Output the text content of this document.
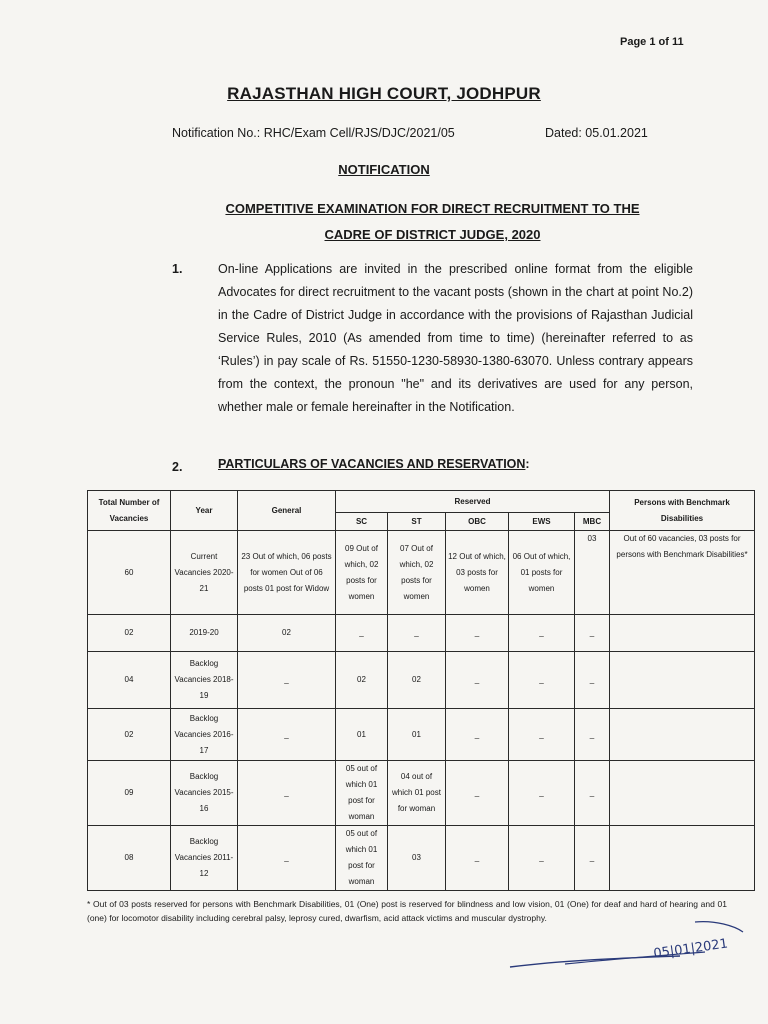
Page 1 of 11
RAJASTHAN HIGH COURT, JODHPUR
Notification No.: RHC/Exam Cell/RJS/DJC/2021/05	Dated: 05.01.2021
NOTIFICATION
COMPETITIVE EXAMINATION FOR DIRECT RECRUITMENT TO THE
CADRE OF DISTRICT JUDGE, 2020
1.	On-line Applications are invited in the prescribed online format from the eligible Advocates for direct recruitment to the vacant posts (shown in the chart at point No.2) in the Cadre of District Judge in accordance with the provisions of Rajasthan Judicial Service Rules, 2010 (As amended from time to time) (hereinafter referred to as ‘Rules’) in pay scale of Rs. 51550-1230-58930-1380-63070. Unless contrary appears from the context, the pronoun "he" and its derivatives are used for any person, whether male or female hereinafter in the Notification.
2.	PARTICULARS OF VACANCIES AND RESERVATION:
Total Number of Vacancies	Year	General	Reserved					Persons with Benchmark Disabilities
			SC	ST	OBC	EWS	MBC	
60	Current Vacancies 2020-21	23 Out of which, 06 posts for women Out of 06 posts 01 post for Widow	09 Out of which, 02 posts for women	07 Out of which, 02 posts for women	12 Out of which, 03 posts for women	06 Out of which, 01 posts for women	03	Out of 60 vacancies, 03 posts for persons with Benchmark Disabilities*
02	2019-20	02	_	_	_	_	_	
04	Backlog Vacancies 2018-19	_	02	02	_	_	_	
02	Backlog Vacancies 2016-17	_	01	01	_	_	_	
09	Backlog Vacancies 2015-16	_	05 out of which 01 post for woman	04 out of which 01 post for woman	_	_	_	
08	Backlog Vacancies 2011-12	_	05 out of which 01 post for woman	03	_	_	_	
* Out of 03 posts reserved for persons with Benchmark Disabilities, 01 (One) post is reserved for blindness and low vision, 01 (One) for deaf and hard of hearing and 01 (one) for locomotor disability including cerebral palsy, leprosy cured, dwarfism, acid attack victims and muscular dystrophy.
05|01|2021
